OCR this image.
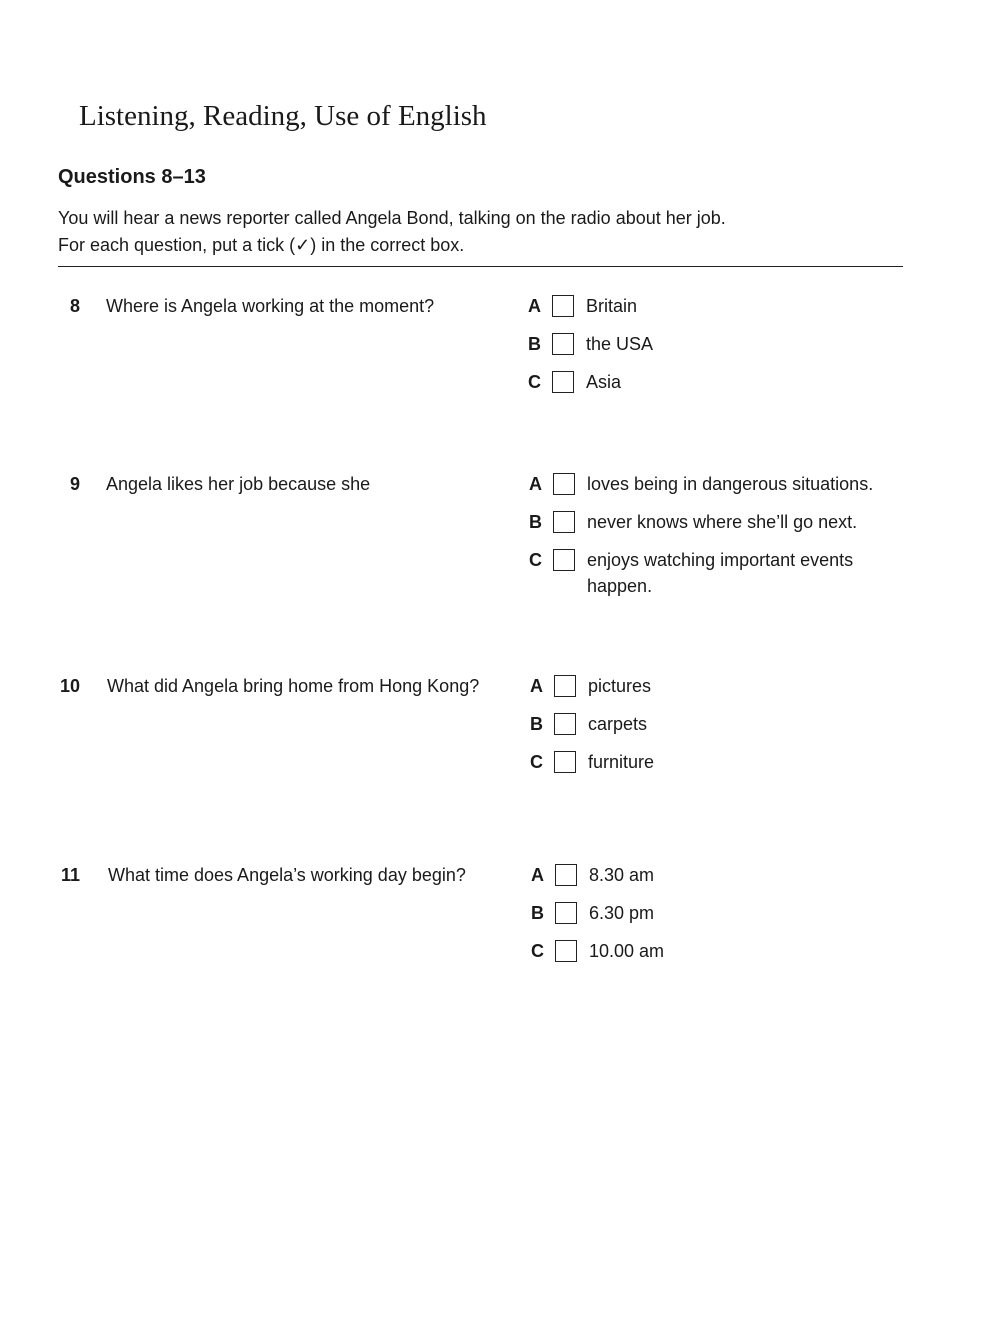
Listening, Reading, Use of English
Questions 8–13
You will hear a news reporter called Angela Bond, talking on the radio about her job.
For each question, put a tick (✓) in the correct box.
8 Where is Angela working at the moment?	A	Britain
B	the USA
C	Asia
9 Angela likes her job because she	A	loves being in dangerous situations.
B	never knows where she’ll go next.
C	enjoys watching important events
happen.
10 What did Angela bring home from Hong Kong?	A	pictures
B	carpets
C	furniture
11 What time does Angela’s working day begin?	A	8.30 am
B	6.30 pm
C	10.00 am
